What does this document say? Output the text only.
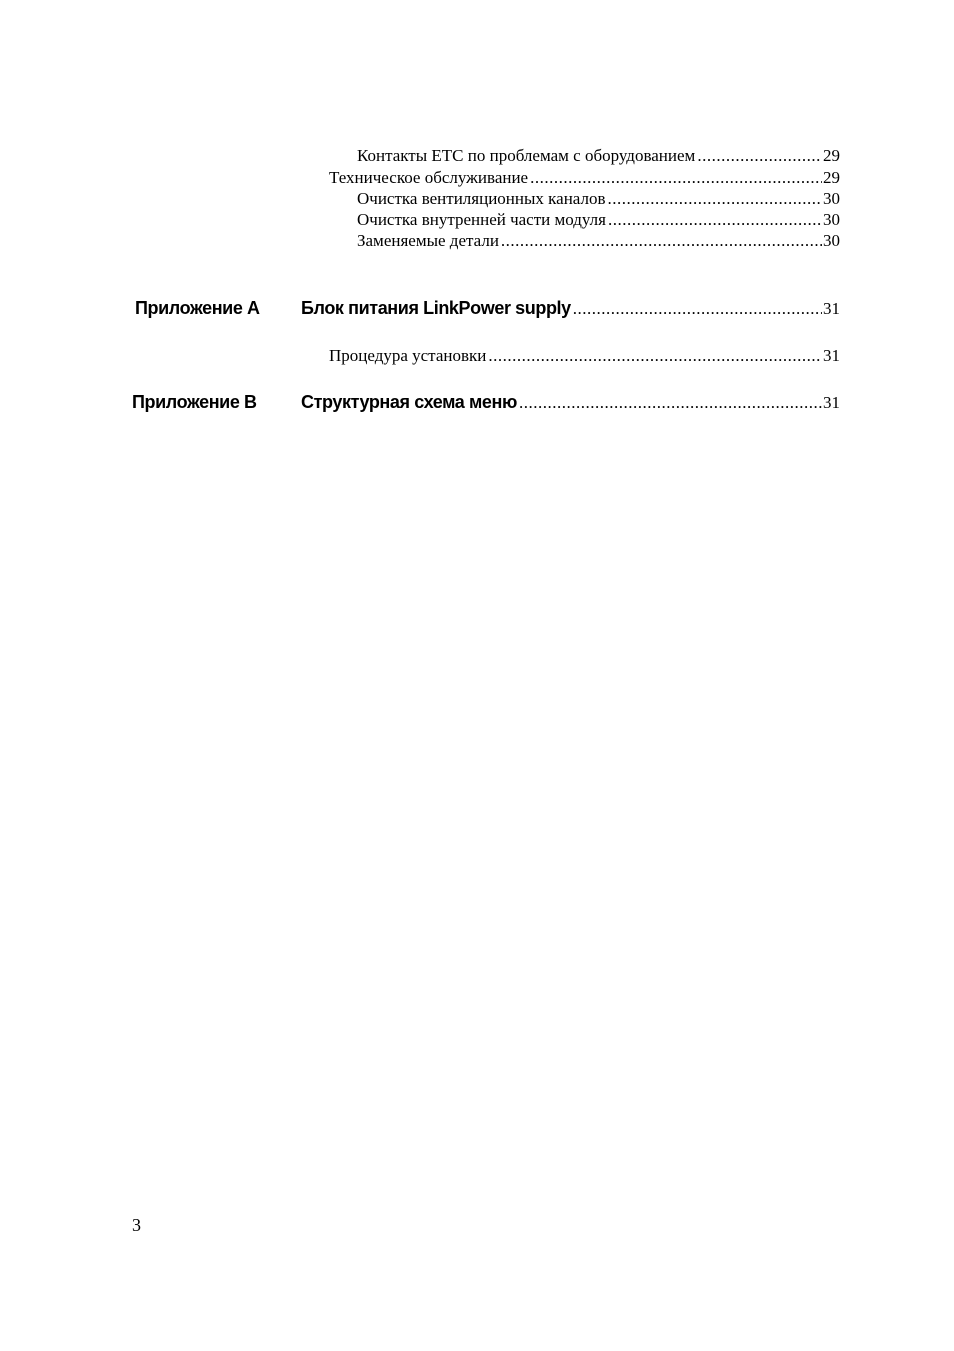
Контакты ETC по проблемам с оборудованием .....	29
Техническое обслуживание .....	29
Очистка вентиляционных каналов .....	30
Очистка внутренней части модуля .....	30
Заменяемые детали .....	30
Приложение A Блок питания LinkPower supply .....	31
Процедура установки .....	31
Приложение B Структурная схема меню .....	31
3
